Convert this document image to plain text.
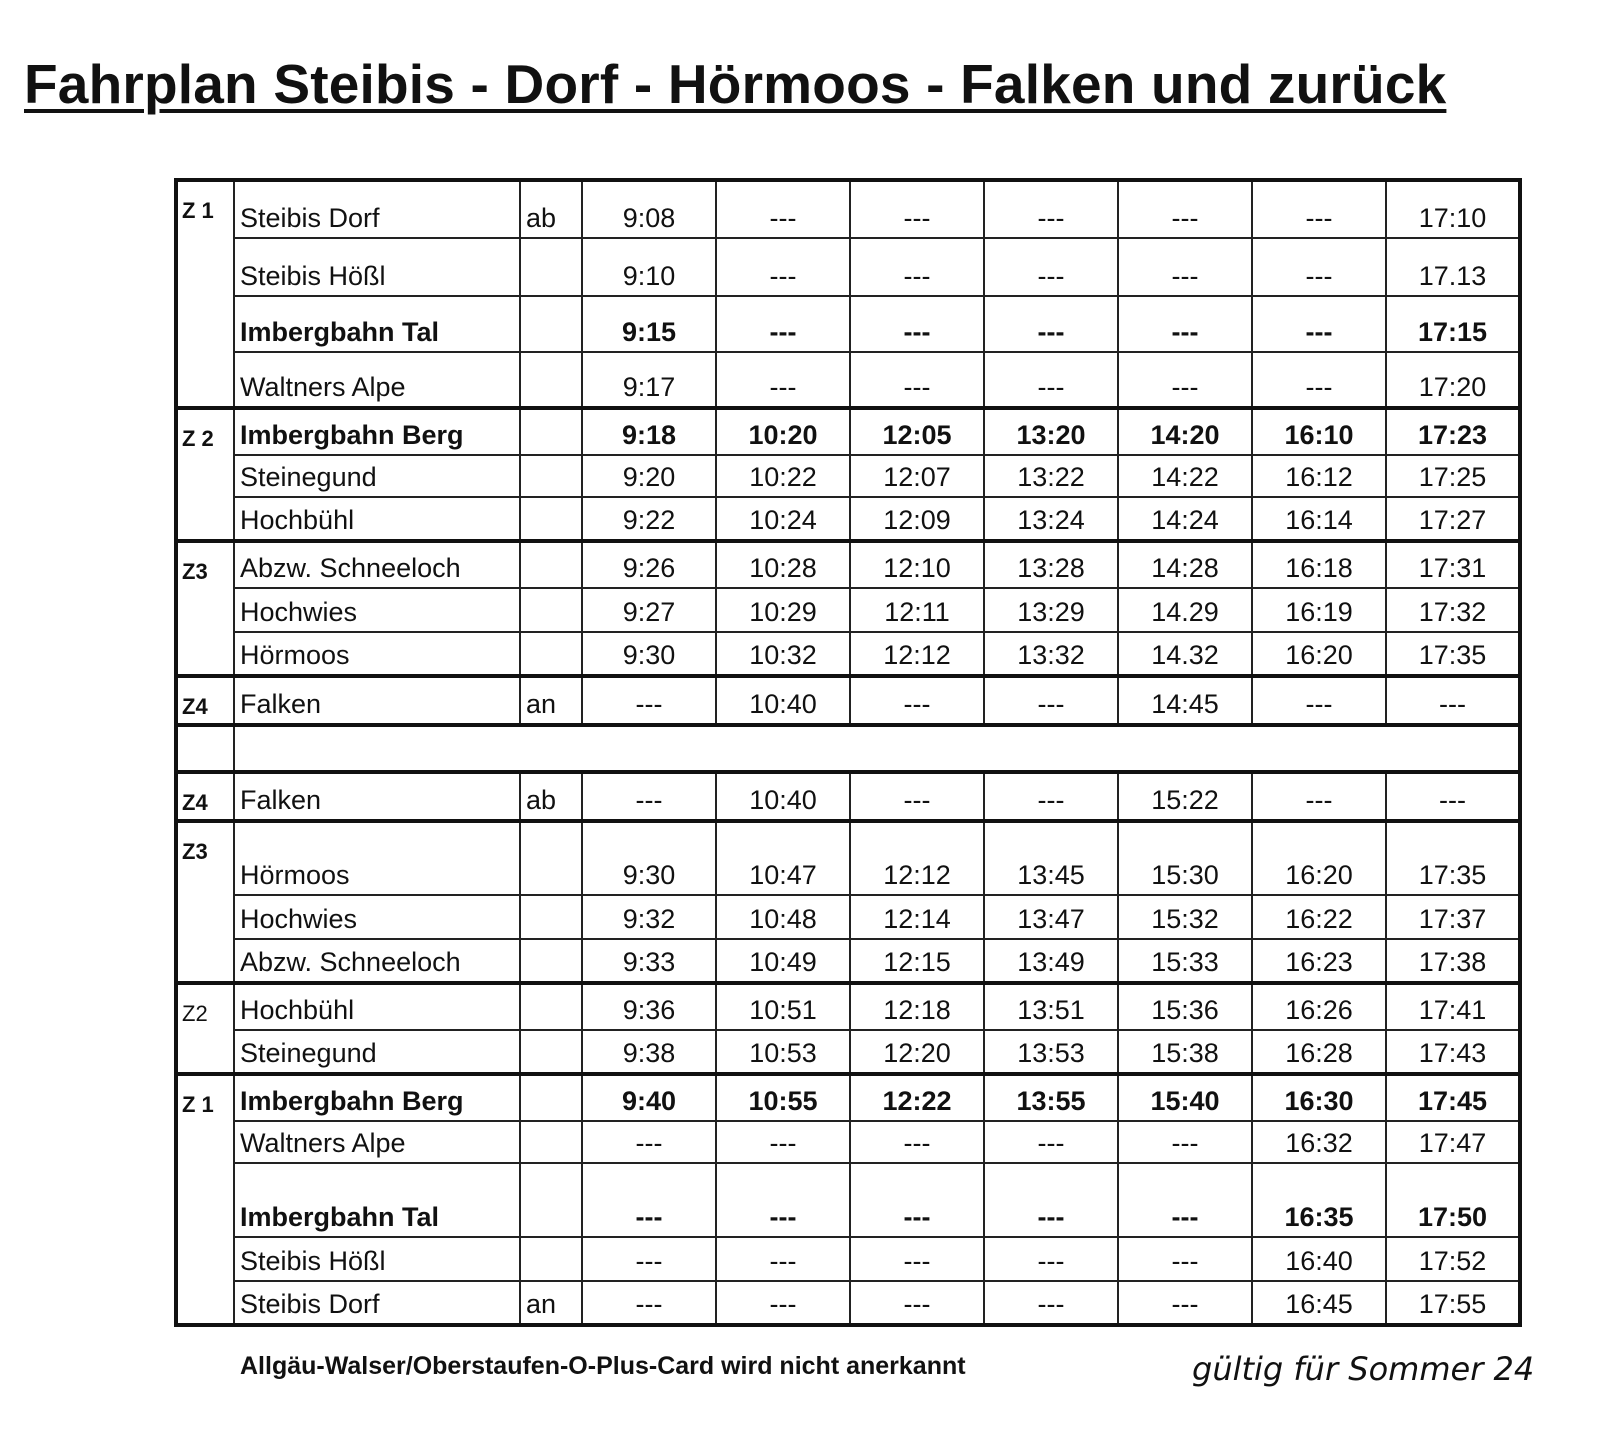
Fahrplan Steibis - Dorf - Hörmoos - Falken und zurück
Z 1	Steibis Dorf	ab	9:08	---	---	---	---	---	17:10
	Steibis Hößl		9:10	---	---	---	---	---	17.13
	Imbergbahn Tal		9:15	---	---	---	---	---	17:15
	Waltners Alpe		9:17	---	---	---	---	---	17:20
Z 2	Imbergbahn Berg		9:18	10:20	12:05	13:20	14:20	16:10	17:23
	Steinegund		9:20	10:22	12:07	13:22	14:22	16:12	17:25
	Hochbühl		9:22	10:24	12:09	13:24	14:24	16:14	17:27
Z3	Abzw. Schneeloch		9:26	10:28	12:10	13:28	14:28	16:18	17:31
	Hochwies		9:27	10:29	12:11	13:29	14.29	16:19	17:32
	Hörmoos		9:30	10:32	12:12	13:32	14.32	16:20	17:35
Z4	Falken	an	---	10:40	---	---	14:45	---	---

Z4	Falken	ab	---	10:40	---	---	15:22	---	---
Z3	Hörmoos		9:30	10:47	12:12	13:45	15:30	16:20	17:35
	Hochwies		9:32	10:48	12:14	13:47	15:32	16:22	17:37
	Abzw. Schneeloch		9:33	10:49	12:15	13:49	15:33	16:23	17:38
Z2	Hochbühl		9:36	10:51	12:18	13:51	15:36	16:26	17:41
	Steinegund		9:38	10:53	12:20	13:53	15:38	16:28	17:43
Z 1	Imbergbahn Berg		9:40	10:55	12:22	13:55	15:40	16:30	17:45
	Waltners Alpe		---	---	---	---	---	16:32	17:47
	Imbergbahn Tal		---	---	---	---	---	16:35	17:50
	Steibis Hößl		---	---	---	---	---	16:40	17:52
	Steibis Dorf	an	---	---	---	---	---	16:45	17:55
Allgäu-Walser/Oberstaufen-O-Plus-Card wird nicht anerkannt	gültig für Sommer 24
